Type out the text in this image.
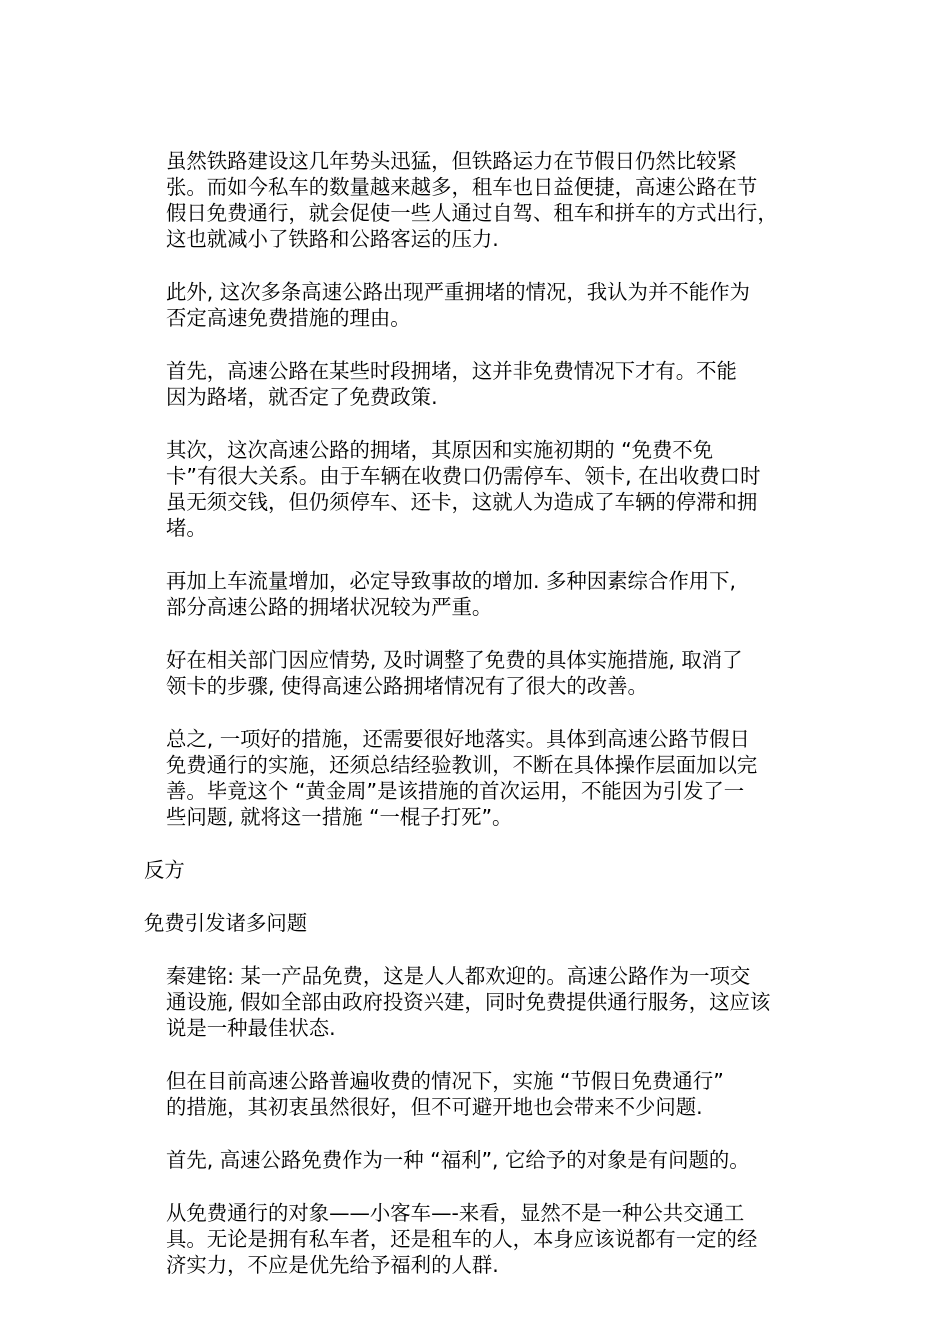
虽然铁路建设这几年势头迅猛，但铁路运力在节假日仍然比较紧
张。而如今私车的数量越来越多，租车也日益便捷，高速公路在节
假日免费通行，就会促使一些人通过自驾、租车和拼车的方式出行，
这也就减小了铁路和公路客运的压力.

此外, 这次多条高速公路出现严重拥堵的情况，我认为并不能作为
否定高速免费措施的理由。

首先，高速公路在某些时段拥堵，这并非免费情况下才有。不能
因为路堵，就否定了免费政策.

其次，这次高速公路的拥堵，其原因和实施初期的 “免费不免
卡”有很大关系。由于车辆在收费口仍需停车、领卡, 在出收费口时
虽无须交钱，但仍须停车、还卡，这就人为造成了车辆的停滞和拥
堵。

再加上车流量增加，必定导致事故的增加. 多种因素综合作用下,
部分高速公路的拥堵状况较为严重。

好在相关部门因应情势, 及时调整了免费的具体实施措施, 取消了
领卡的步骤, 使得高速公路拥堵情况有了很大的改善。

总之, 一项好的措施，还需要很好地落实。具体到高速公路节假日
免费通行的实施，还须总结经验教训，不断在具体操作层面加以完
善。毕竟这个 “黄金周”是该措施的首次运用，不能因为引发了一
些问题, 就将这一措施 “一棍子打死”。

反方

免费引发诸多问题

秦建铭: 某一产品免费，这是人人都欢迎的。高速公路作为一项交
通设施, 假如全部由政府投资兴建，同时免费提供通行服务，这应该
说是一种最佳状态.

但在目前高速公路普遍收费的情况下，实施 “节假日免费通行”
的措施，其初衷虽然很好，但不可避开地也会带来不少问题.

首先, 高速公路免费作为一种 “福利”, 它给予的对象是有问题的。

从免费通行的对象——小客车—-来看，显然不是一种公共交通工
具。无论是拥有私车者，还是租车的人，本身应该说都有一定的经
济实力，不应是优先给予福利的人群.
